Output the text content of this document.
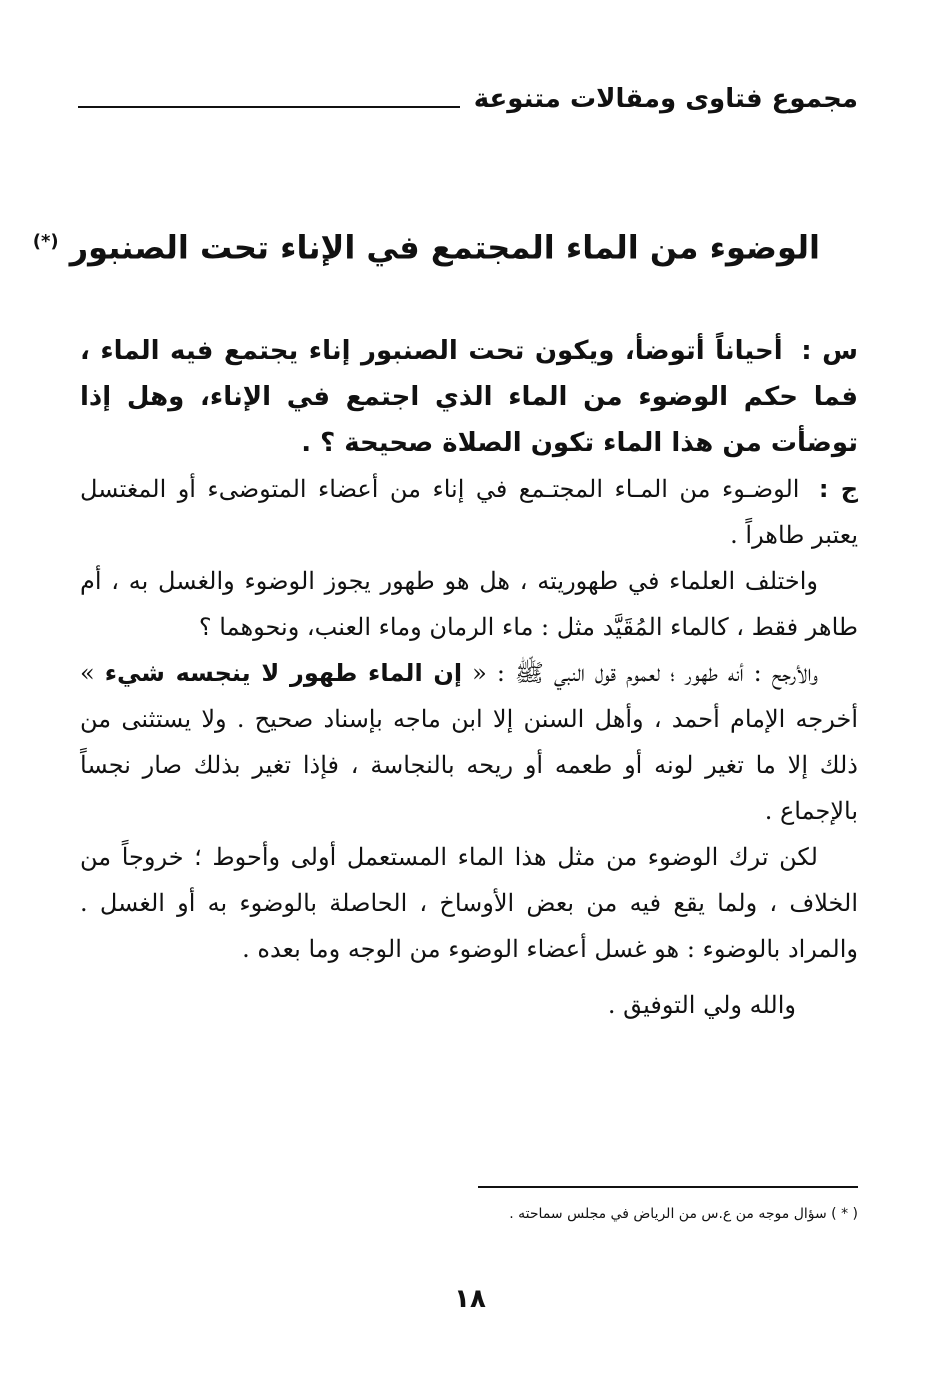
مجموع فتاوى ومقالات متنوعة
الوضوء من الماء المجتمع في الإناء تحت الصنبور (*)

س : أحياناً أتوضأ، ويكون تحت الصنبور إناء يجتمع فيه الماء ، فما حكم الوضوء من الماء الذي اجتمع في الإناء، وهل إذا توضأت من هذا الماء تكون الصلاة صحيحة ؟ .

ج : الوضـوء من المـاء المجتـمع في إناء من أعضاء المتوضىء أو المغتسل يعتبر طاهراً .

واختلف العلماء في طهوريته ، هل هو طهور يجوز الوضوء والغسل به ، أم طاهر فقط ، كالماء المُقَيَّد مثل : ماء الرمان وماء العنب، ونحوهما ؟

والأرجح : أنه طهور ؛ لعموم قول النبي ﷺ : « إن الماء طهور لا ينجسه شيء » أخرجه الإمام أحمد ، وأهل السنن إلا ابن ماجه بإسناد صحيح . ولا يستثنى من ذلك إلا ما تغير لونه أو طعمه أو ريحه بالنجاسة ، فإذا تغير بذلك صار نجساً بالإجماع .

لكن ترك الوضوء من مثل هذا الماء المستعمل أولى وأحوط ؛ خروجاً من الخلاف ، ولما يقع فيه من بعض الأوساخ ، الحاصلة بالوضوء به أو الغسل . والمراد بالوضوء : هو غسل أعضاء الوضوء من الوجه وما بعده .

والله ولي التوفيق .

( * ) سؤال موجه من ع.س من الرياض في مجلس سماحته .
١٨
